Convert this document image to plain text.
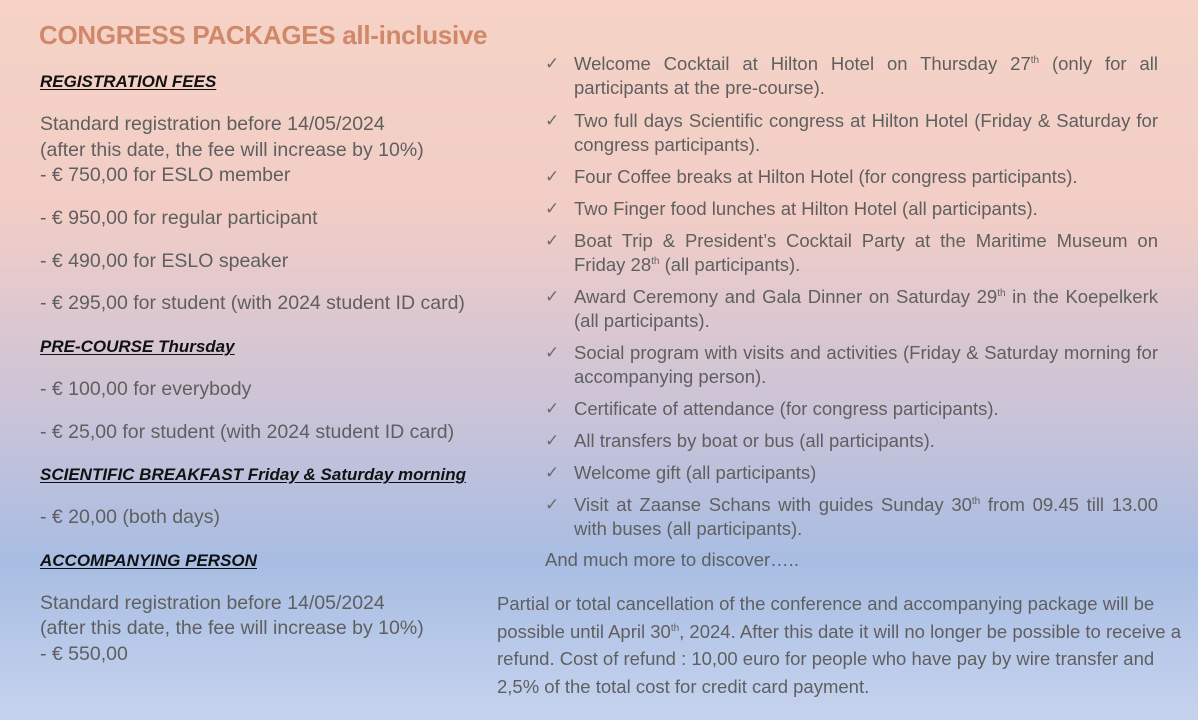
CONGRESS PACKAGES all-inclusive
REGISTRATION FEES
Standard registration before 14/05/2024
(after this date, the fee will increase by 10%)
- € 750,00 for ESLO member
- € 950,00 for regular participant
- € 490,00 for ESLO speaker
- € 295,00 for student (with 2024 student ID card)
PRE-COURSE Thursday
- € 100,00 for everybody
- € 25,00 for student (with 2024 student ID card)
SCIENTIFIC BREAKFAST Friday & Saturday morning
- € 20,00 (both days)
ACCOMPANYING PERSON
Standard registration before 14/05/2024
(after this date, the fee will increase by 10%)
- € 550,00
✓ Welcome Cocktail at Hilton Hotel on Thursday 27th (only for all participants at the pre-course).
✓ Two full days Scientific congress at Hilton Hotel (Friday & Saturday for congress participants).
✓ Four Coffee breaks at Hilton Hotel (for congress participants).
✓ Two Finger food lunches at Hilton Hotel (all participants).
✓ Boat Trip & President’s Cocktail Party at the Maritime Museum on Friday 28th (all participants).
✓ Award Ceremony and Gala Dinner on Saturday 29th in the Koepelkerk (all participants).
✓ Social program with visits and activities (Friday & Saturday morning for accompanying person).
✓ Certificate of attendance (for congress participants).
✓ All transfers by boat or bus (all participants).
✓ Welcome gift (all participants)
✓ Visit at Zaanse Schans with guides Sunday 30th from 09.45 till 13.00 with buses (all participants).
And much more to discover…..
Partial or total cancellation of the conference and accompanying package will be possible until April 30th, 2024. After this date it will no longer be possible to receive a refund. Cost of refund : 10,00 euro for people who have pay by wire transfer and 2,5% of the total cost for credit card payment.
